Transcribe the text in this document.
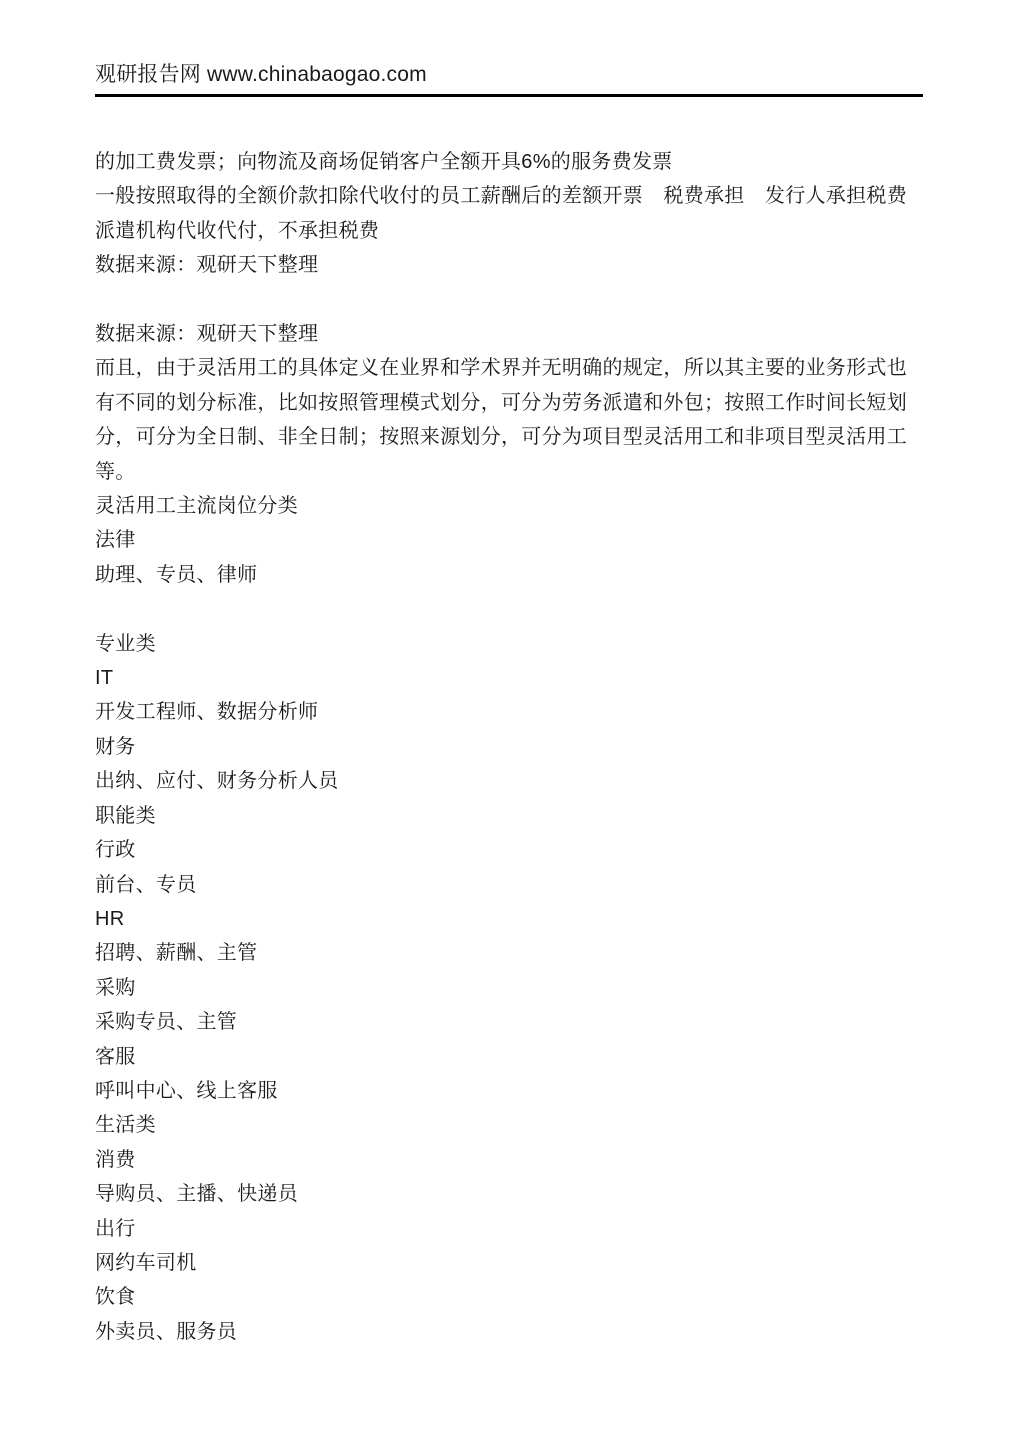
观研报告网 www.chinabaogao.com
的加工费发票；向物流及商场促销客户全额开具6%的服务费发票
一般按照取得的全额价款扣除代收付的员工薪酬后的差额开票　税费承担　发行人承担税费
派遣机构代收代付，不承担税费
数据来源：观研天下整理
数据来源：观研天下整理
而且，由于灵活用工的具体定义在业界和学术界并无明确的规定，所以其主要的业务形式也
有不同的划分标准，比如按照管理模式划分，可分为劳务派遣和外包；按照工作时间长短划
分，可分为全日制、非全日制；按照来源划分，可分为项目型灵活用工和非项目型灵活用工
等。
灵活用工主流岗位分类
法律
助理、专员、律师
专业类
IT
开发工程师、数据分析师
财务
出纳、应付、财务分析人员
职能类
行政
前台、专员
HR
招聘、薪酬、主管
采购
采购专员、主管
客服
呼叫中心、线上客服
生活类
消费
导购员、主播、快递员
出行
网约车司机
饮食
外卖员、服务员
